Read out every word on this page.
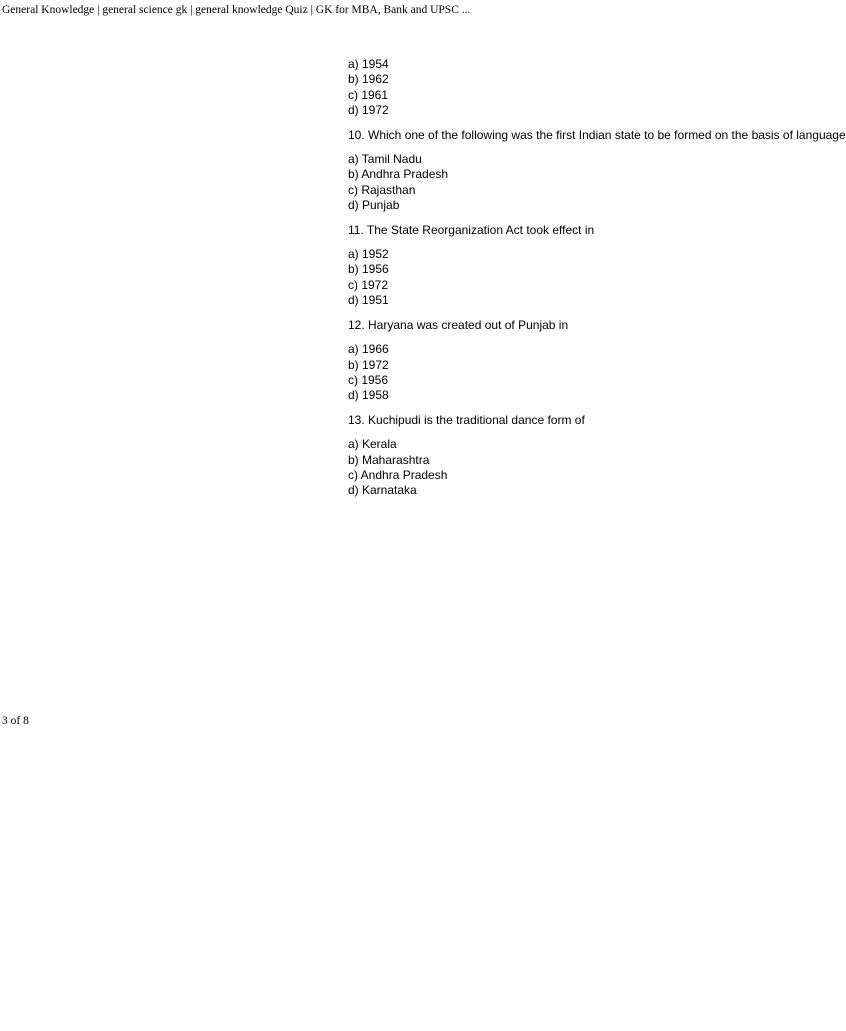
General Knowledge | general science gk | general knowledge Quiz | GK for MBA, Bank and UPSC ...
a) 1954
b) 1962
c) 1961
d) 1972
10. Which one of the following was the first Indian state to be formed on the basis of language
a) Tamil Nadu
b) Andhra Pradesh
c) Rajasthan
d) Punjab
11. The State Reorganization Act took effect in
a) 1952
b) 1956
c) 1972
d) 1951
12. Haryana was created out of Punjab in
a) 1966
b) 1972
c) 1956
d) 1958
13. Kuchipudi is the traditional dance form of
a) Kerala
b) Maharashtra
c) Andhra Pradesh
d) Karnataka
3 of 8
